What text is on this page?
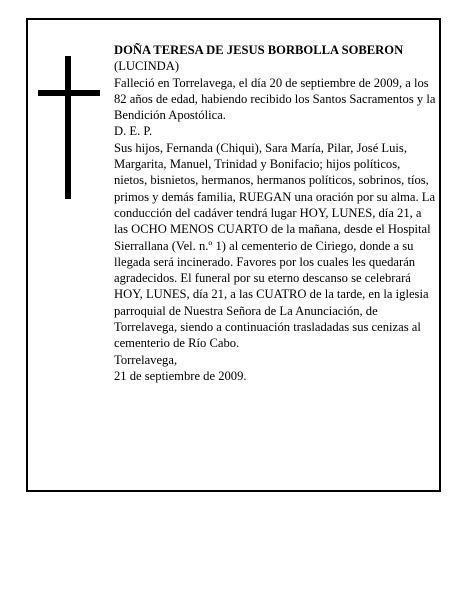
DOÑA TERESA DE JESUS BORBOLLA SOBERON

(LUCINDA)

Falleció en Torrelavega, el día 20 de septiembre de 2009, a los 82 años de edad, habiendo recibido los Santos Sacramentos y la Bendición Apostólica.

D. E. P.

Sus hijos, Fernanda (Chiqui), Sara María, Pilar, José Luis, Margarita, Manuel, Trinidad y Bonifacio; hijos políticos, nietos, bisnietos, hermanos, hermanos políticos, sobrinos, tíos, primos y demás familia, RUEGAN una oración por su alma. La conducción del cadáver tendrá lugar HOY, LUNES, día 21, a las OCHO MENOS CUARTO de la mañana, desde el Hospital Sierrallana (Vel. n.º 1) al cementerio de Ciriego, donde a su llegada será incinerado. Favores por los cuales les quedarán agradecidos. El funeral por su eterno descanso se celebrará HOY, LUNES, día 21, a las CUATRO de la tarde, en la iglesia parroquial de Nuestra Señora de La Anunciación, de Torrelavega, siendo a continuación trasladadas sus cenizas al cementerio de Río Cabo.

Torrelavega,

21 de septiembre de 2009.
